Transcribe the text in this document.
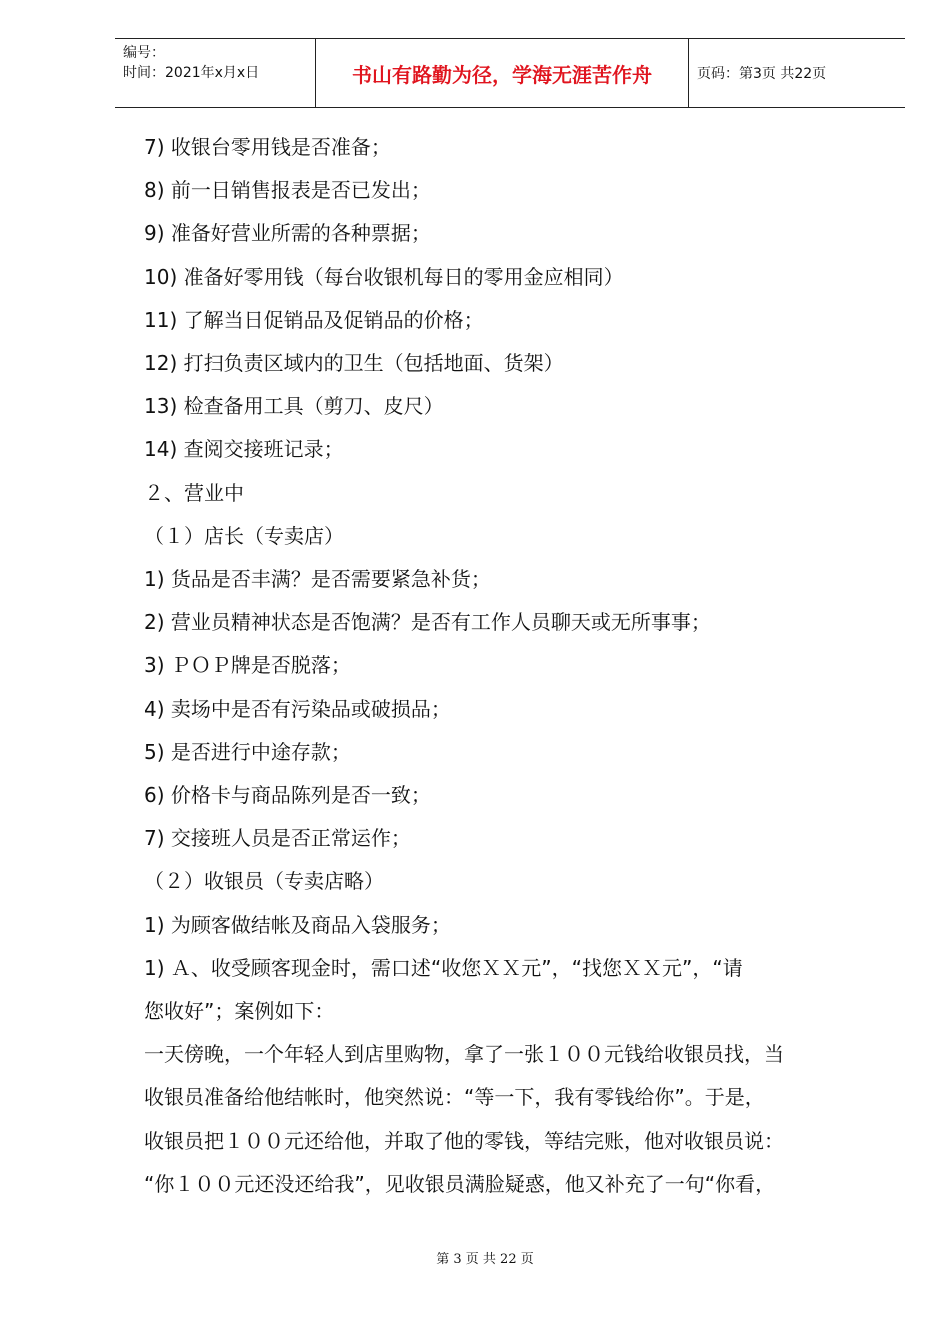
编号：
时间：2021年x月x日	书山有路勤为径，学海无涯苦作舟	页码：第3页 共22页
7) 收银台零用钱是否准备；
8) 前一日销售报表是否已发出；
9) 准备好营业所需的各种票据；
10) 准备好零用钱（每台收银机每日的零用金应相同）
11) 了解当日促销品及促销品的价格；
12) 打扫负责区域内的卫生（包括地面、货架）
13) 检查备用工具（剪刀、皮尺）
14) 查阅交接班记录；
２、营业中
（１）店长（专卖店）
1) 货品是否丰满？是否需要紧急补货；
2) 营业员精神状态是否饱满？是否有工作人员聊天或无所事事；
3) ＰＯＰ牌是否脱落；
4) 卖场中是否有污染品或破损品；
5) 是否进行中途存款；
6) 价格卡与商品陈列是否一致；
7) 交接班人员是否正常运作；
（２）收银员（专卖店略）
1) 为顾客做结帐及商品入袋服务；
1) Ａ、收受顾客现金时，需口述“收您ＸＸ元”，“找您ＸＸ元”，“请
您收好”；案例如下：
一天傍晚，一个年轻人到店里购物，拿了一张１００元钱给收银员找，当
收银员准备给他结帐时，他突然说：“等一下，我有零钱给你”。于是，
收银员把１００元还给他，并取了他的零钱，等结完账，他对收银员说：
“你１００元还没还给我”，见收银员满脸疑惑，他又补充了一句“你看，
第 3 页 共 22 页
